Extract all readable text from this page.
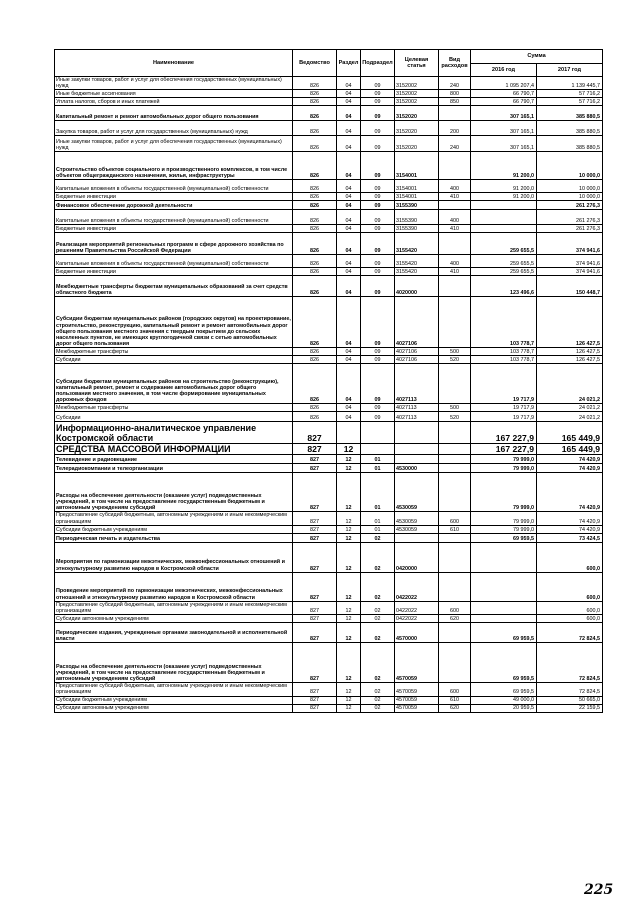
Наименование	Ведомство	Раздел	Подраздел	Целевая статья	Вид расходов	Сумма	
						2016 год	2017 год
Иные закупки товаров, работ и услуг для обеспечения государственных (муниципальных) нужд	826	04	09	3152002	240	1 095 207,4	1 139 445,7
Иные бюджетные ассигнования	826	04	09	3152002	800	66 790,7	57 716,2
Уплата налогов, сборов и иных платежей	826	04	09	3152002	850	66 790,7	57 716,2
Капитальный ремонт и ремонт автомобильных дорог общего пользования	826	04	09	3152020		307 165,1	385 880,5
Закупка товаров, работ и услуг для государственных (муниципальных) нужд	826	04	09	3152020	200	307 165,1	385 880,5
Иные закупки товаров, работ и услуг для обеспечения государственных (муниципальных) нужд	826	04	09	3152020	240	307 165,1	385 880,5
Строительство объектов социального и производственного комплексов, в том числе объектов общегражданского назначения, жилья, инфраструктуры	826	04	09	3154001		91 200,0	10 000,0
Капитальные вложения в объекты государственной (муниципальной) собственности	826	04	09	3154001	400	91 200,0	10 000,0
Бюджетные инвестиции	826	04	09	3154001	410	91 200,0	10 000,0
Финансовое обеспечение дорожной деятельности	826	04	09	3155390			261 276,3
Капитальные вложения в объекты государственной (муниципальной) собственности	826	04	09	3155390	400		261 276,3
Бюджетные инвестиции	826	04	09	3155390	410		261 276,3
Реализация мероприятий региональных программ в сфере дорожного хозяйства по решениям Правительства Российской Федерации	826	04	09	3155420		259 655,5	374 941,6
Капитальные вложения в объекты государственной (муниципальной) собственности	826	04	09	3155420	400	259 655,5	374 941,6
Бюджетные инвестиции	826	04	09	3155420	410	259 655,5	374 941,6
Межбюджетные трансферты бюджетам муниципальных образований за счет средств областного бюджета	826	04	09	4020000		123 496,6	150 448,7
Субсидии бюджетам муниципальных районов (городских округов) на проектирование, строительство, реконструкцию, капитальный ремонт и ремонт автомобильных дорог общего пользования местного значения с твердым покрытием до сельских населенных пунктов, не имеющих круглогодичной связи с сетью автомобильных дорог общего пользования	826	04	09	4027106		103 778,7	126 427,5
Межбюджетные трансферты	826	04	09	4027106	500	103 778,7	126 427,5
Субсидии	826	04	09	4027106	520	103 778,7	126 427,5
Субсидии бюджетам муниципальных районов на строительство (реконструкцию), капитальный ремонт, ремонт и содержание автомобильных дорог общего пользования местного значения, в том числе формирование муниципальных дорожных фондов	826	04	09	4027113		19 717,9	24 021,2
Межбюджетные трансферты	826	04	09	4027113	500	19 717,9	24 021,2
Субсидии	826	04	09	4027113	520	19 717,9	24 021,2
Информационно-аналитическое управление Костромской области	827					167 227,9	165 449,9
СРЕДСТВА МАССОВОЙ ИНФОРМАЦИИ	827	12				167 227,9	165 449,9
Телевидение и радиовещание	827	12	01			79 999,0	74 420,9
Телерадиокомпании и телеорганизации	827	12	01	4530000		79 999,0	74 420,9
Расходы на обеспечение деятельности (оказание услуг) подведомственных учреждений, в том числе на предоставление государственным бюджетным и автономным учреждениям субсидий	827	12	01	4530059		79 999,0	74 420,9
Предоставление субсидий бюджетным, автономным учреждениям и иным некоммерческим организациям	827	12	01	4530059	600	79 999,0	74 420,9
Субсидии бюджетным учреждениям	827	12	01	4530059	610	79 999,0	74 420,9
Периодическая печать и издательства	827	12	02			69 959,5	73 424,5
Мероприятия по гармонизации межэтнических, межконфессиональных отношений и этнокультурному развитию народов в Костромской области	827	12	02	0420000			600,0
Проведение мероприятий по гармонизации межэтнических, межконфессиональных отношений и этнокультурному развитию народов в Костромской области	827	12	02	0422022			600,0
Предоставление субсидий бюджетным, автономным учреждениям и иным некоммерческим организациям	827	12	02	0422022	600		600,0
Субсидии автономным учреждениям	827	12	02	0422022	620		600,0
Периодические издания, учрежденные органами законодательной и исполнительной власти	827	12	02	4570000		69 959,5	72 824,5
Расходы на обеспечение деятельности (оказание услуг) подведомственных учреждений, в том числе на предоставление государственным бюджетным и автономным учреждениям субсидий	827	12	02	4570059		69 959,5	72 824,5
Предоставление субсидий бюджетным, автономным учреждениям и иным некоммерческим организациям	827	12	02	4570059	600	69 959,5	72 824,5
Субсидии бюджетным учреждениям	827	12	02	4570059	610	49 000,0	50 665,0
Субсидии автономным учреждениям	827	12	02	4570059	620	20 959,5	22 159,5
225
